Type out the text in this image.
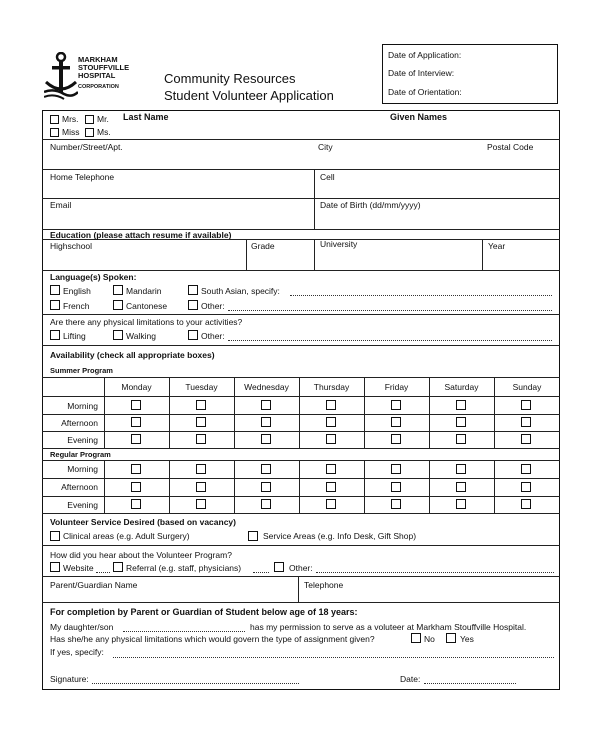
MARKHAM
STOUFFVILLE
HOSPITAL
CORPORATION
Community Resources
Student Volunteer Application
Date of Application:
Date of Interview:
Date of Orientation:
Mrs. Mr.
Miss Ms.
Last Name	Given Names
Number/Street/Apt.	City	Postal Code
Home Telephone	Cell
Email	Date of Birth (dd/mm/yyyy)
Education (please attach resume if available)
Highschool	Grade	University	Year
Language(s) Spoken:
English	Mandarin	South Asian, specify:
French	Cantonese	Other:
Are there any physical limitations to your activities?
Lifting	Walking	Other:
Availability (check all appropriate boxes)
Summer Program
Monday	Tuesday	Wednesday	Thursday	Friday	Saturday	Sunday
Morning
Afternoon
Evening
Regular Program
Morning
Afternoon
Evening
Volunteer Service Desired (based on vacancy)
Clinical areas (e.g. Adult Surgery)	Service Areas (e.g. Info Desk, Gift Shop)
How did you hear about the Volunteer Program?
Website	Referral (e.g. staff, physicians)	Other:
Parent/Guardian Name	Telephone
For completion by Parent or Guardian of Student below age of 18 years:
My daughter/son	has my permission to serve as a voluteer at Markham Stouffville Hospital.
Has she/he any physical limitations which would govern the type of assignment given?	No	Yes
If yes, specify:
Signature:	Date:
